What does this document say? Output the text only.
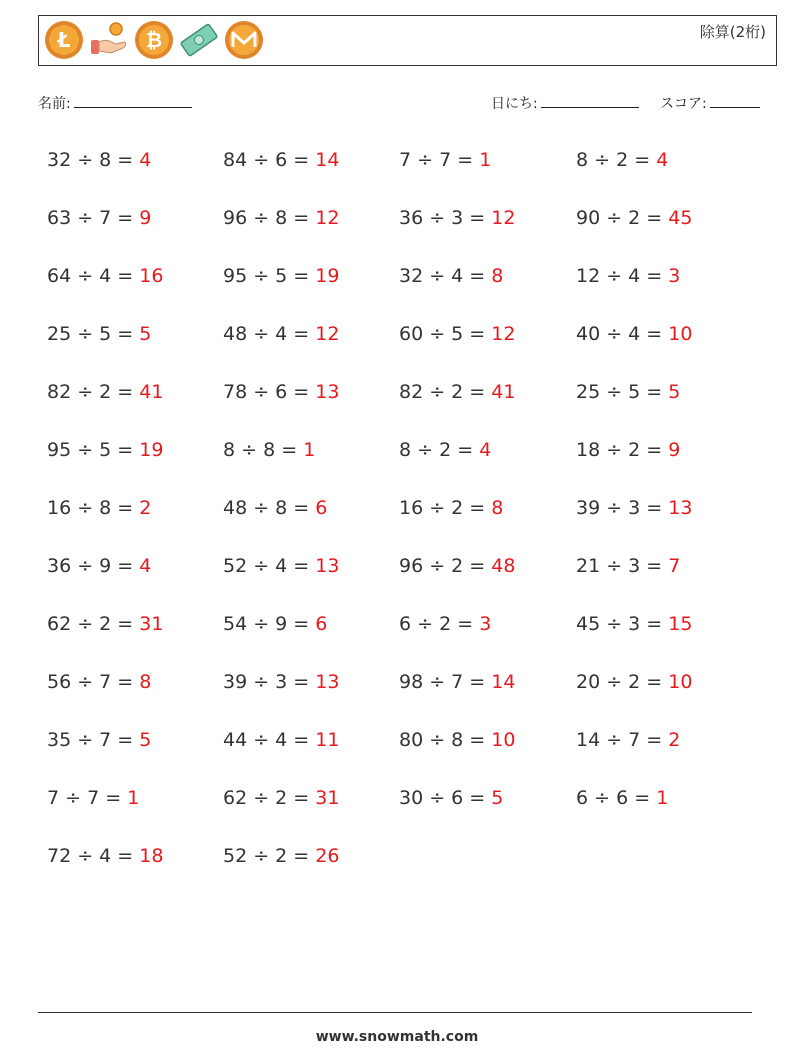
Ł	₿	除算(2桁)
名前:	日にち:	スコア:
32 ÷ 8 = 4	84 ÷ 6 = 14	7 ÷ 7 = 1	8 ÷ 2 = 4
63 ÷ 7 = 9	96 ÷ 8 = 12	36 ÷ 3 = 12	90 ÷ 2 = 45
64 ÷ 4 = 16	95 ÷ 5 = 19	32 ÷ 4 = 8	12 ÷ 4 = 3
25 ÷ 5 = 5	48 ÷ 4 = 12	60 ÷ 5 = 12	40 ÷ 4 = 10
82 ÷ 2 = 41	78 ÷ 6 = 13	82 ÷ 2 = 41	25 ÷ 5 = 5
95 ÷ 5 = 19	8 ÷ 8 = 1	8 ÷ 2 = 4	18 ÷ 2 = 9
16 ÷ 8 = 2	48 ÷ 8 = 6	16 ÷ 2 = 8	39 ÷ 3 = 13
36 ÷ 9 = 4	52 ÷ 4 = 13	96 ÷ 2 = 48	21 ÷ 3 = 7
62 ÷ 2 = 31	54 ÷ 9 = 6	6 ÷ 2 = 3	45 ÷ 3 = 15
56 ÷ 7 = 8	39 ÷ 3 = 13	98 ÷ 7 = 14	20 ÷ 2 = 10
35 ÷ 7 = 5	44 ÷ 4 = 11	80 ÷ 8 = 10	14 ÷ 7 = 2
7 ÷ 7 = 1	62 ÷ 2 = 31	30 ÷ 6 = 5	6 ÷ 6 = 1
72 ÷ 4 = 18	52 ÷ 2 = 26
www.snowmath.com
